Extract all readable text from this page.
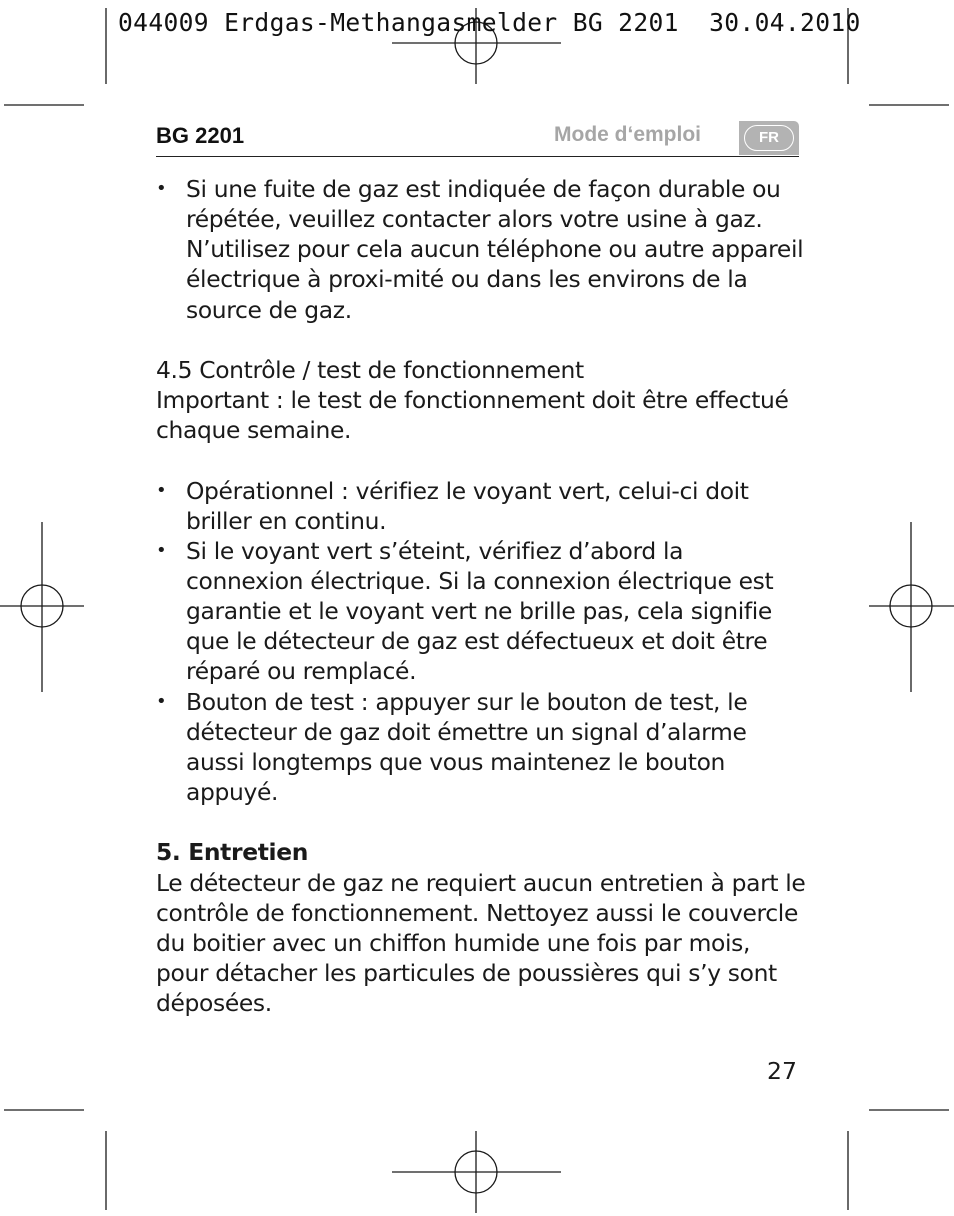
044009 Erdgas-Methangasmelder BG 2201  30.04.2010
BG 2201	Mode d‘emploi	FR
• Si une fuite de gaz est indiquée de façon durable ou répétée, veuillez contacter alors votre usine à gaz. N’utilisez pour cela aucun téléphone ou autre appareil électrique à proxi-mité ou dans les environs de la source de gaz.

4.5 Contrôle / test de fonctionnement

Important : le test de fonctionnement doit être effectué chaque semaine.

• Opérationnel : vérifiez le voyant vert, celui-ci doit briller en continu.
• Si le voyant vert s’éteint, vérifiez d’abord la connexion électrique. Si la connexion électrique est garantie et le voyant vert ne brille pas, cela signifie que le détecteur de gaz est défectueux et doit être réparé ou remplacé.
• Bouton de test : appuyer sur le bouton de test, le détecteur de gaz doit émettre un signal d’alarme aussi longtemps que vous maintenez le bouton appuyé.

5. Entretien

Le détecteur de gaz ne requiert aucun entretien à part le contrôle de fonctionnement. Nettoyez aussi le couvercle du boitier avec un chiffon humide une fois par mois, pour détacher les particules de poussières qui s’y sont déposées.

27
